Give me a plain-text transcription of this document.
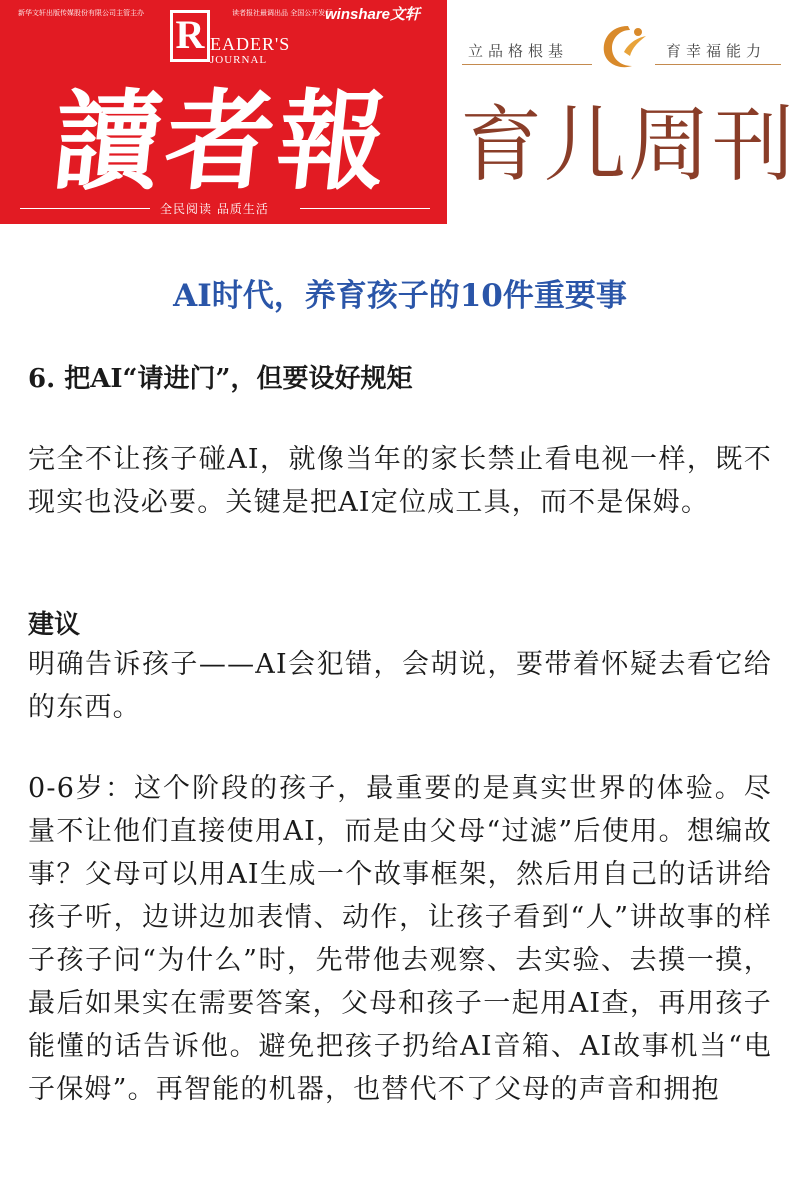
新华文轩出版传媒股份有限公司主管主办	读者报社最调出品 全国公开发行
winshare文轩
R EADER'S
JOURNAL
讀者報
全民阅读 品质生活
立品格根基	育幸福能力
育儿周刊
AI时代，养育孩子的10件重要事
6. 把AI“请进门”，但要设好规矩
完全不让孩子碰AI，就像当年的家长禁止看电视一样，既不现实也没必要。关键是把AI定位成工具，而不是保姆。
建议
明确告诉孩子——AI会犯错，会胡说，要带着怀疑去看它给的东西。
0-6岁：这个阶段的孩子，最重要的是真实世界的体验。尽量不让他们直接使用AI，而是由父母“过滤”后使用。想编故事？父母可以用AI生成一个故事框架，然后用自己的话讲给孩子听，边讲边加表情、动作，让孩子看到“人”讲故事的样子孩子问“为什么”时，先带他去观察、去实验、去摸一摸，最后如果实在需要答案，父母和孩子一起用AI查，再用孩子能懂的话告诉他。避免把孩子扔给AI音箱、AI故事机当“电子保姆”。再智能的机器，也替代不了父母的声音和拥抱
